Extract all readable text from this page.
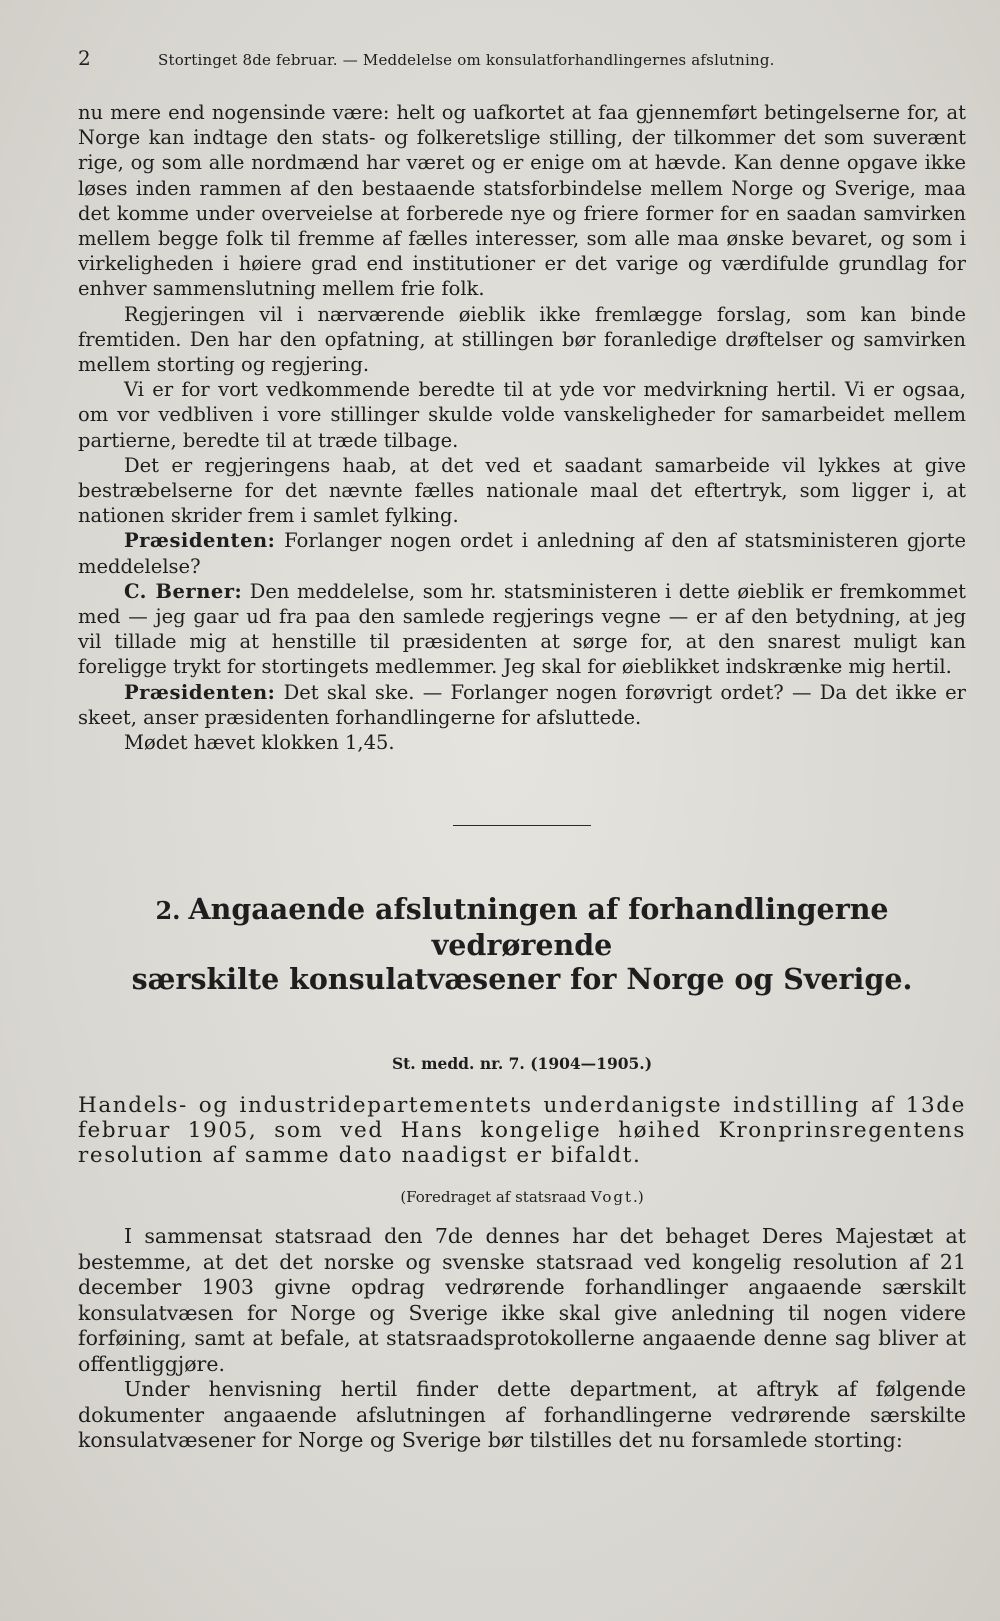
2	Stortinget 8de februar. — Meddelelse om konsulatforhandlingernes afslutning.

nu mere end nogensinde være: helt og uafkortet at faa gjennemført betingelserne for, at Norge kan indtage den stats- og folkeretslige stilling, der tilkommer det som suverænt rige, og som alle nordmænd har været og er enige om at hævde. Kan denne opgave ikke løses inden rammen af den bestaaende statsforbindelse mellem Norge og Sverige, maa det komme under overveielse at forberede nye og friere former for en saadan samvirken mellem begge folk til fremme af fælles interesser, som alle maa ønske bevaret, og som i virkeligheden i høiere grad end institutioner er det varige og værdifulde grundlag for enhver sammenslutning mellem frie folk.

Regjeringen vil i nærværende øieblik ikke fremlægge forslag, som kan binde fremtiden. Den har den opfatning, at stillingen bør foranledige drøftelser og samvirken mellem storting og regjering.

Vi er for vort vedkommende beredte til at yde vor medvirkning hertil. Vi er ogsaa, om vor vedbliven i vore stillinger skulde volde vanskeligheder for samarbeidet mellem partierne, beredte til at træde tilbage.

Det er regjeringens haab, at det ved et saadant samarbeide vil lykkes at give bestræbelserne for det nævnte fælles nationale maal det eftertryk, som ligger i, at nationen skrider frem i samlet fylking.

Præsidenten: Forlanger nogen ordet i anledning af den af statsministeren gjorte meddelelse?

C. Berner: Den meddelelse, som hr. statsministeren i dette øieblik er fremkommet med — jeg gaar ud fra paa den samlede regjerings vegne — er af den betydning, at jeg vil tillade mig at henstille til præsidenten at sørge for, at den snarest muligt kan foreligge trykt for stortingets medlemmer. Jeg skal for øieblikket indskrænke mig hertil.

Præsidenten: Det skal ske. — Forlanger nogen forøvrigt ordet? — Da det ikke er skeet, anser præsidenten forhandlingerne for afsluttede.

Mødet hævet klokken 1,45.

2. Angaaende afslutningen af forhandlingerne vedrørende
særskilte konsulatvæsener for Norge og Sverige.
St. medd. nr. 7. (1904—1905.)

Handels- og industridepartementets underdanigste indstilling af 13de februar 1905, som ved Hans kongelige høihed Kronprinsregentens resolution af samme dato naadigst er bifaldt.

(Foredraget af statsraad Vogt.)

I sammensat statsraad den 7de dennes har det behaget Deres Majestæt at bestemme, at det det norske og svenske statsraad ved kongelig resolution af 21 december 1903 givne opdrag vedrørende forhandlinger angaaende særskilt konsulatvæsen for Norge og Sverige ikke skal give anledning til nogen videre forføining, samt at befale, at statsraadsprotokollerne angaaende denne sag bliver at offentliggjøre.

Under henvisning hertil finder dette department, at aftryk af følgende dokumenter angaaende afslutningen af forhandlingerne vedrørende særskilte konsulatvæsener for Norge og Sverige bør tilstilles det nu forsamlede storting:
